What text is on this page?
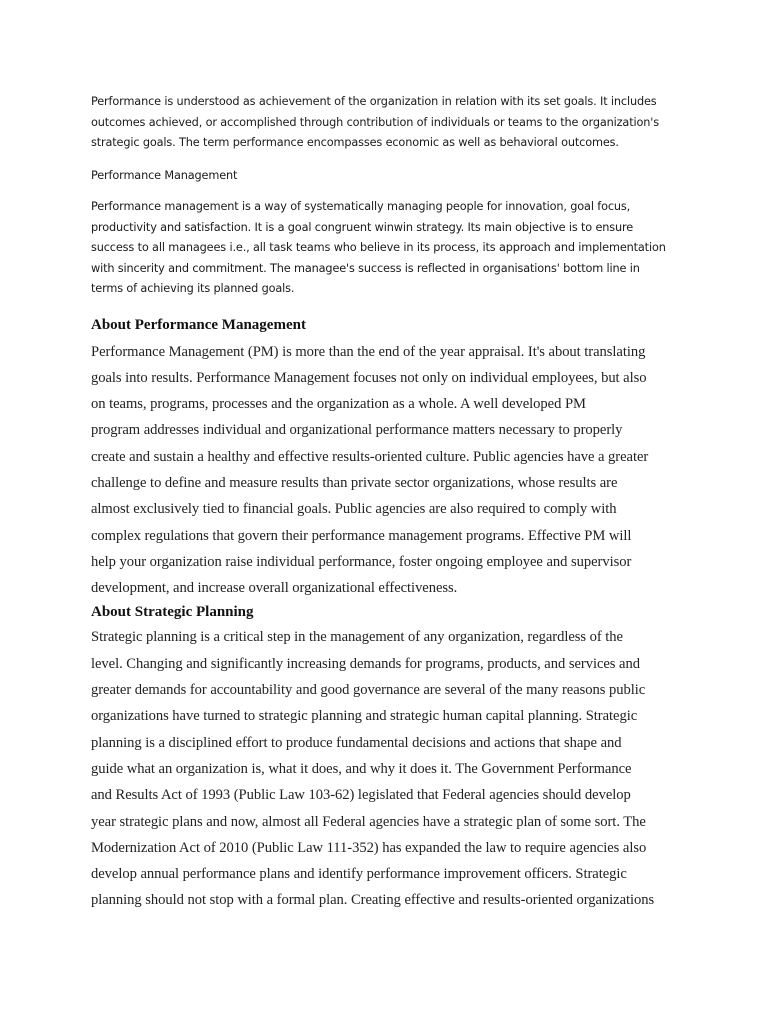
Performance is understood as achievement of the organization in relation with its set goals. It includes
outcomes achieved, or accomplished through contribution of individuals or teams to the organization's
strategic goals. The term performance encompasses economic as well as behavioral outcomes.

Performance Management

Performance management is a way of systematically managing people for innovation, goal focus,
productivity and satisfaction. It is a goal congruent winwin strategy. Its main objective is to ensure
success to all managees i.e., all task teams who believe in its process, its approach and implementation
with sincerity and commitment. The managee's success is reflected in organisations' bottom line in
terms of achieving its planned goals.

About Performance Management

Performance Management (PM) is more than the end of the year appraisal. It's about translating
goals into results. Performance Management focuses not only on individual employees, but also
on teams, programs, processes and the organization as a whole. A well developed PM
program addresses individual and organizational performance matters necessary to properly
create and sustain a healthy and effective results-oriented culture. Public agencies have a greater
challenge to define and measure results than private sector organizations, whose results are
almost exclusively tied to financial goals. Public agencies are also required to comply with
complex regulations that govern their performance management programs. Effective PM will
help your organization raise individual performance, foster ongoing employee and supervisor
development, and increase overall organizational effectiveness.

About Strategic Planning

Strategic planning is a critical step in the management of any organization, regardless of the
level. Changing and significantly increasing demands for programs, products, and services and
greater demands for accountability and good governance are several of the many reasons public
organizations have turned to strategic planning and strategic human capital planning. Strategic
planning is a disciplined effort to produce fundamental decisions and actions that shape and
guide what an organization is, what it does, and why it does it. The Government Performance
and Results Act of 1993 (Public Law 103-62) legislated that Federal agencies should develop
year strategic plans and now, almost all Federal agencies have a strategic plan of some sort. The
Modernization Act of 2010 (Public Law 111-352) has expanded the law to require agencies also
develop annual performance plans and identify performance improvement officers. Strategic
planning should not stop with a formal plan. Creating effective and results-oriented organizations
